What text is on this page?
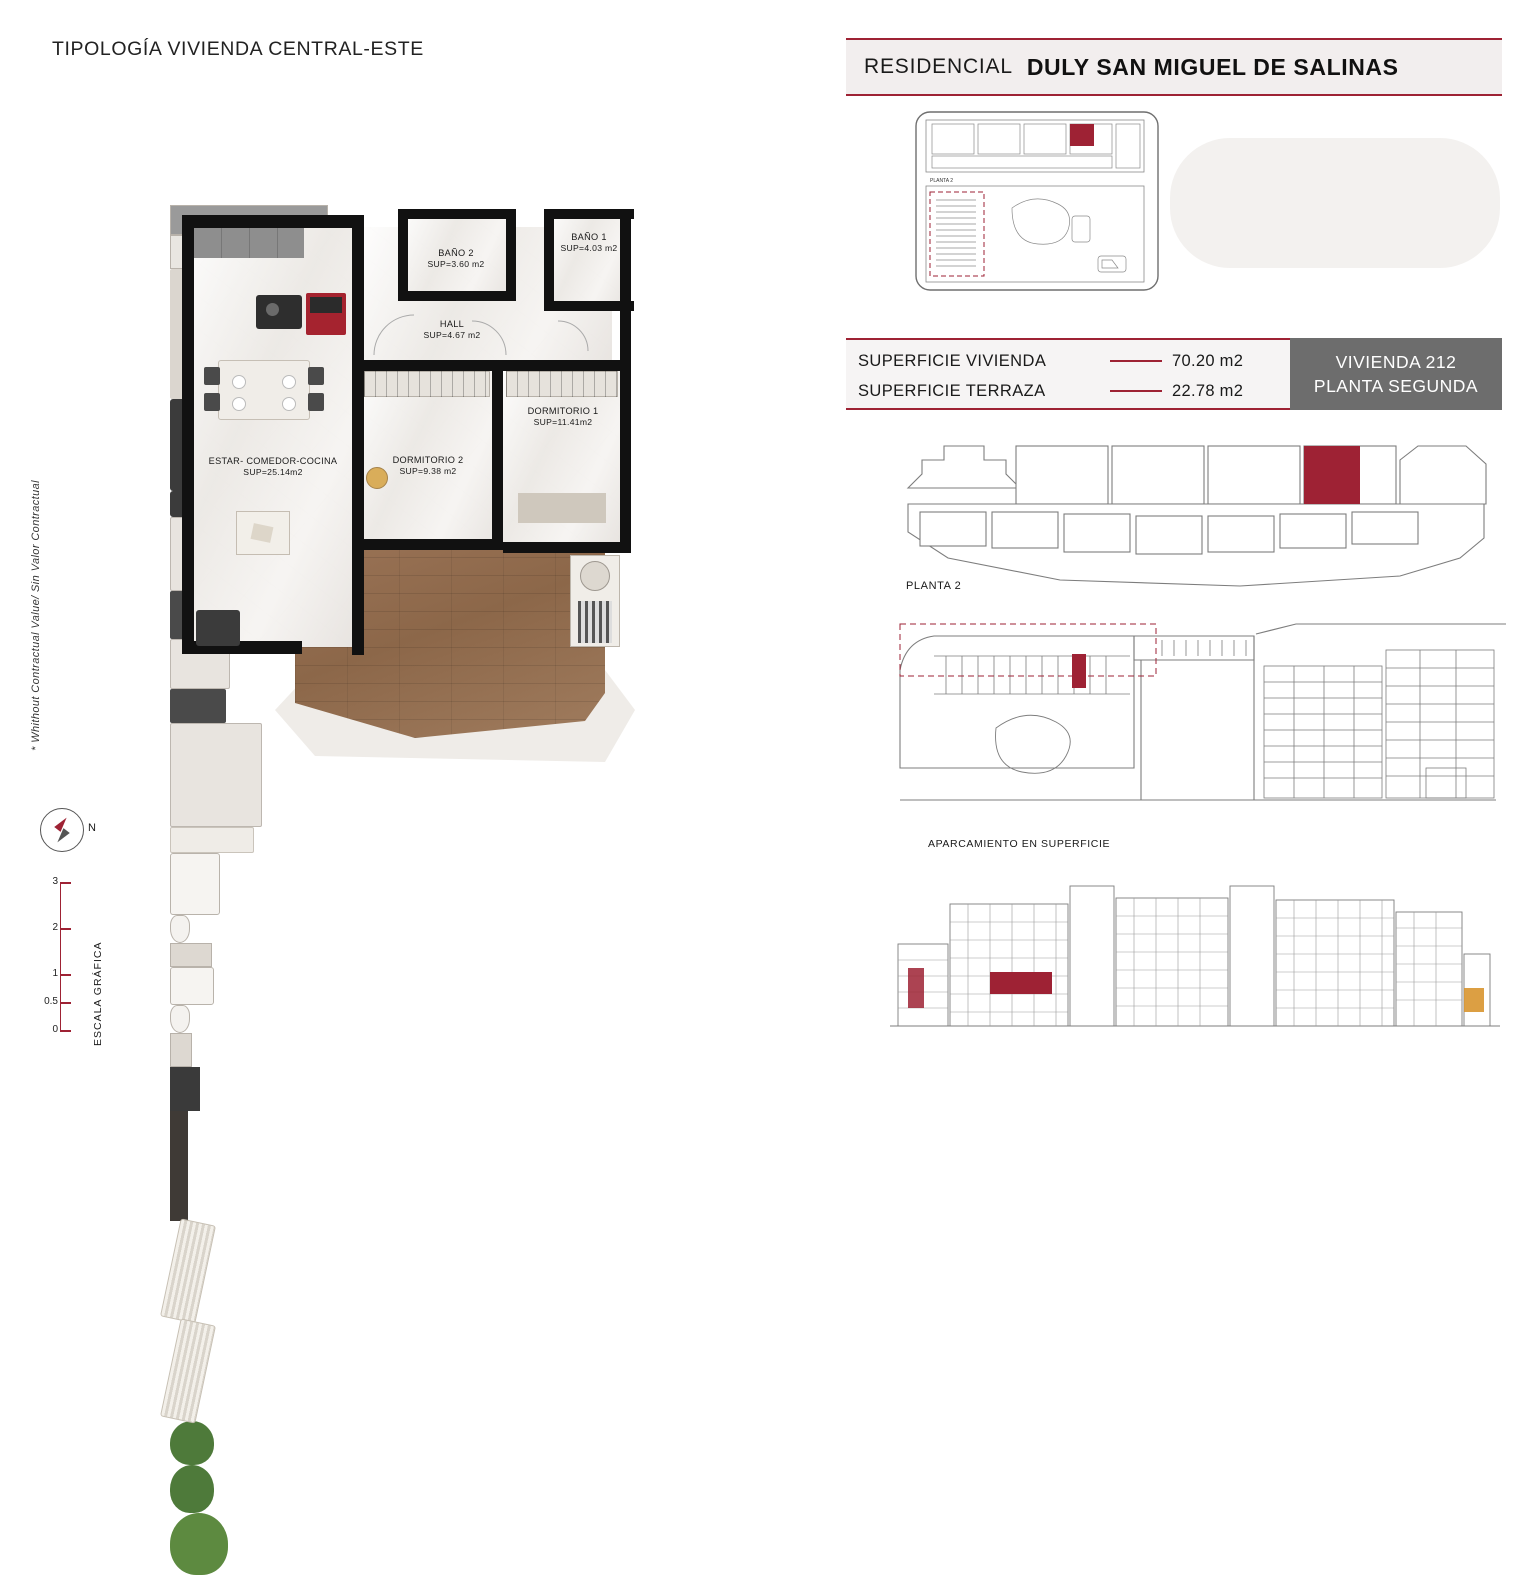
TIPOLOGÍA VIVIENDA CENTRAL-ESTE
* Whithout Contractual Value/ Sin Valor Contractual
BAÑO 2
SUP=3.60 m2
BAÑO 1
SUP=4.03 m2
HALL
SUP=4.67 m2
DORMITORIO 1
SUP=11.41m2
DORMITORIO 2
SUP=9.38 m2
ESTAR- COMEDOR-COCINA
SUP=25.14m2
N
0
0.5
1
2
3
ESCALA GRÁFICA
RESIDENCIAL DULY SAN MIGUEL DE SALINAS
PLANTA 2
SUPERFICIE VIVIENDA	70.20 m2
SUPERFICIE TERRAZA	22.78 m2
VIVIENDA 212
PLANTA SEGUNDA
PLANTA 2
APARCAMIENTO EN SUPERFICIE
